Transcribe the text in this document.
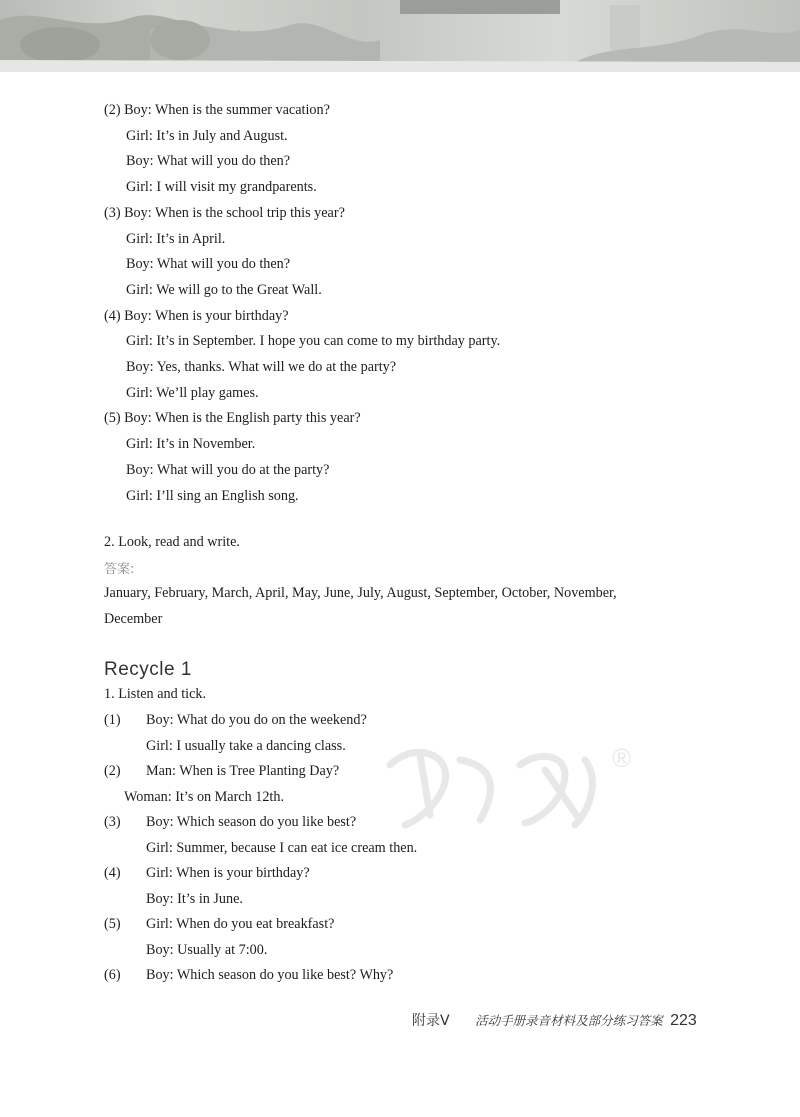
(2) Boy: When is the summer vacation?
Girl: It’s in July and August.
Boy: What will you do then?
Girl: I will visit my grandparents.
(3) Boy: When is the school trip this year?
Girl: It’s in April.
Boy: What will you do then?
Girl: We will go to the Great Wall.
(4) Boy: When is your birthday?
Girl: It’s in September. I hope you can come to my birthday party.
Boy: Yes, thanks. What will we do at the party?
Girl: We’ll play games.
(5) Boy: When is the English party this year?
Girl: It’s in November.
Boy: What will you do at the party?
Girl: I’ll sing an English song.
2. Look, read and write.
答案:
January, February, March, April, May, June, July, August, September, October, November,
December
Recycle 1
1. Listen and tick.
(1) Boy: What do you do on the weekend?
Girl: I usually take a dancing class.
(2) Man: When is Tree Planting Day?
Woman: It’s on March 12th.
(3) Boy: Which season do you like best?
Girl: Summer, because I can eat ice cream then.
(4) Girl: When is your birthday?
Boy: It’s in June.
(5) Girl: When do you eat breakfast?
Boy: Usually at 7:00.
(6) Boy: Which season do you like best? Why?
®
附录Ⅴ 活动手册录音材料及部分练习答案 223
